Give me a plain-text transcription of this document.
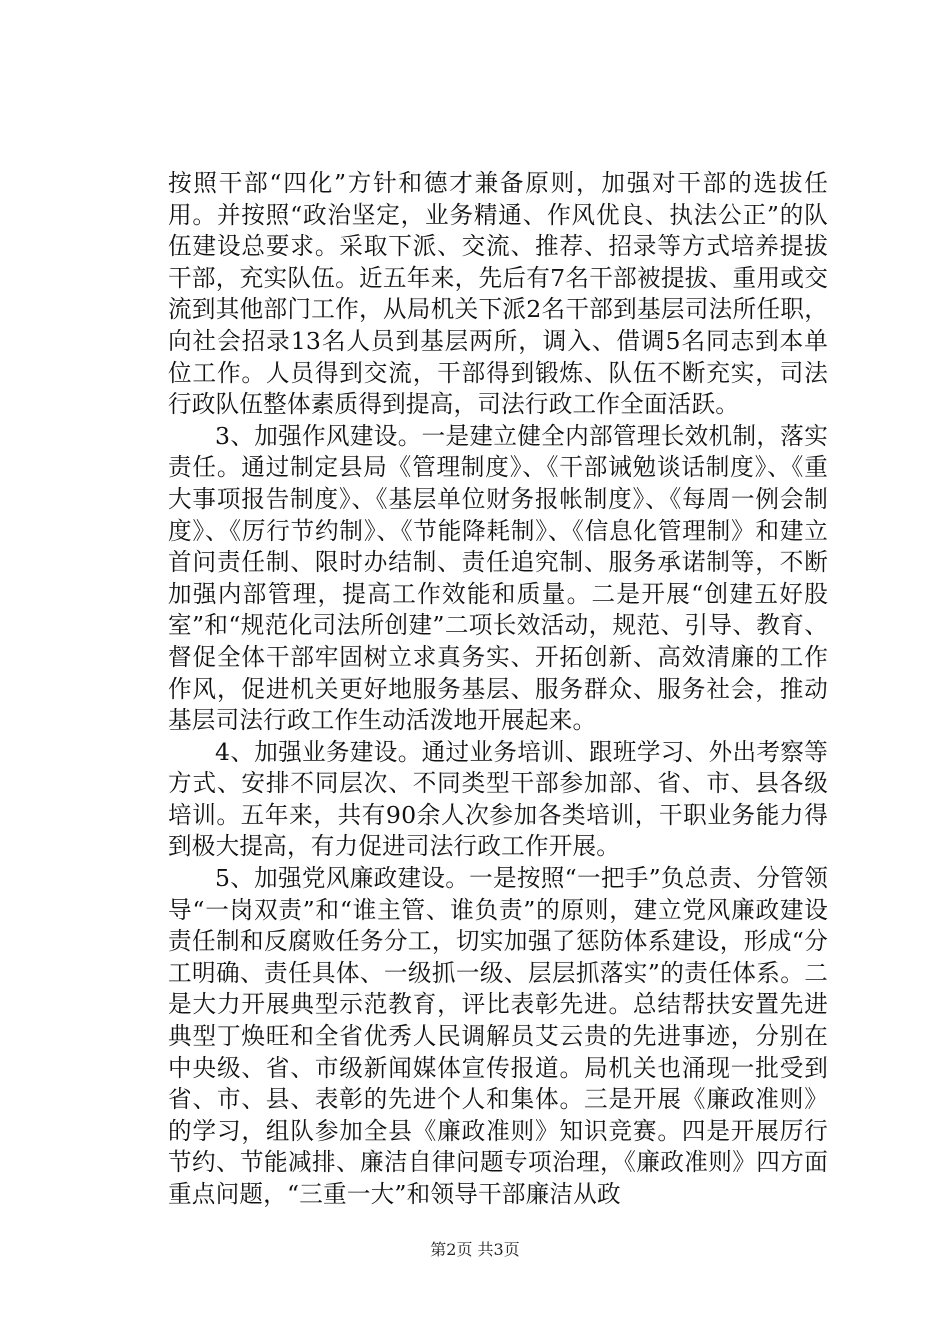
按照干部“四化”方针和德才兼备原则，加强对干部的选拔任用。并按照“政治坚定，业务精通、作风优良、执法公正”的队伍建设总要求。采取下派、交流、推荐、招录等方式培养提拔干部，充实队伍。近五年来，先后有7名干部被提拔、重用或交流到其他部门工作，从局机关下派2名干部到基层司法所任职，向社会招录13名人员到基层两所，调入、借调5名同志到本单位工作。人员得到交流，干部得到锻炼、队伍不断充实，司法行政队伍整体素质得到提高，司法行政工作全面活跃。

3、加强作风建设。一是建立健全内部管理长效机制，落实责任。通过制定县局《管理制度》、《干部诫勉谈话制度》、《重大事项报告制度》、《基层单位财务报帐制度》、《每周一例会制度》、《厉行节约制》、《节能降耗制》、《信息化管理制》和建立首问责任制、限时办结制、责任追究制、服务承诺制等，不断加强内部管理，提高工作效能和质量。二是开展“创建五好股室”和“规范化司法所创建”二项长效活动，规范、引导、教育、督促全体干部牢固树立求真务实、开拓创新、高效清廉的工作作风，促进机关更好地服务基层、服务群众、服务社会，推动基层司法行政工作生动活泼地开展起来。

4、加强业务建设。通过业务培训、跟班学习、外出考察等方式、安排不同层次、不同类型干部参加部、省、市、县各级培训。五年来，共有90余人次参加各类培训，干职业务能力得到极大提高，有力促进司法行政工作开展。

5、加强党风廉政建设。一是按照“一把手”负总责、分管领导“一岗双责”和“谁主管、谁负责”的原则，建立党风廉政建设责任制和反腐败任务分工，切实加强了惩防体系建设，形成“分工明确、责任具体、一级抓一级、层层抓落实”的责任体系。二是大力开展典型示范教育，评比表彰先进。总结帮扶安置先进典型丁焕旺和全省优秀人民调解员艾云贵的先进事迹，分别在中央级、省、市级新闻媒体宣传报道。局机关也涌现一批受到省、市、县、表彰的先进个人和集体。三是开展《廉政准则》的学习，组队参加全县《廉政准则》知识竞赛。四是开展厉行节约、节能减排、廉洁自律问题专项治理，《廉政准则》四方面重点问题，“三重一大”和领导干部廉洁从政

第2页 共3页
